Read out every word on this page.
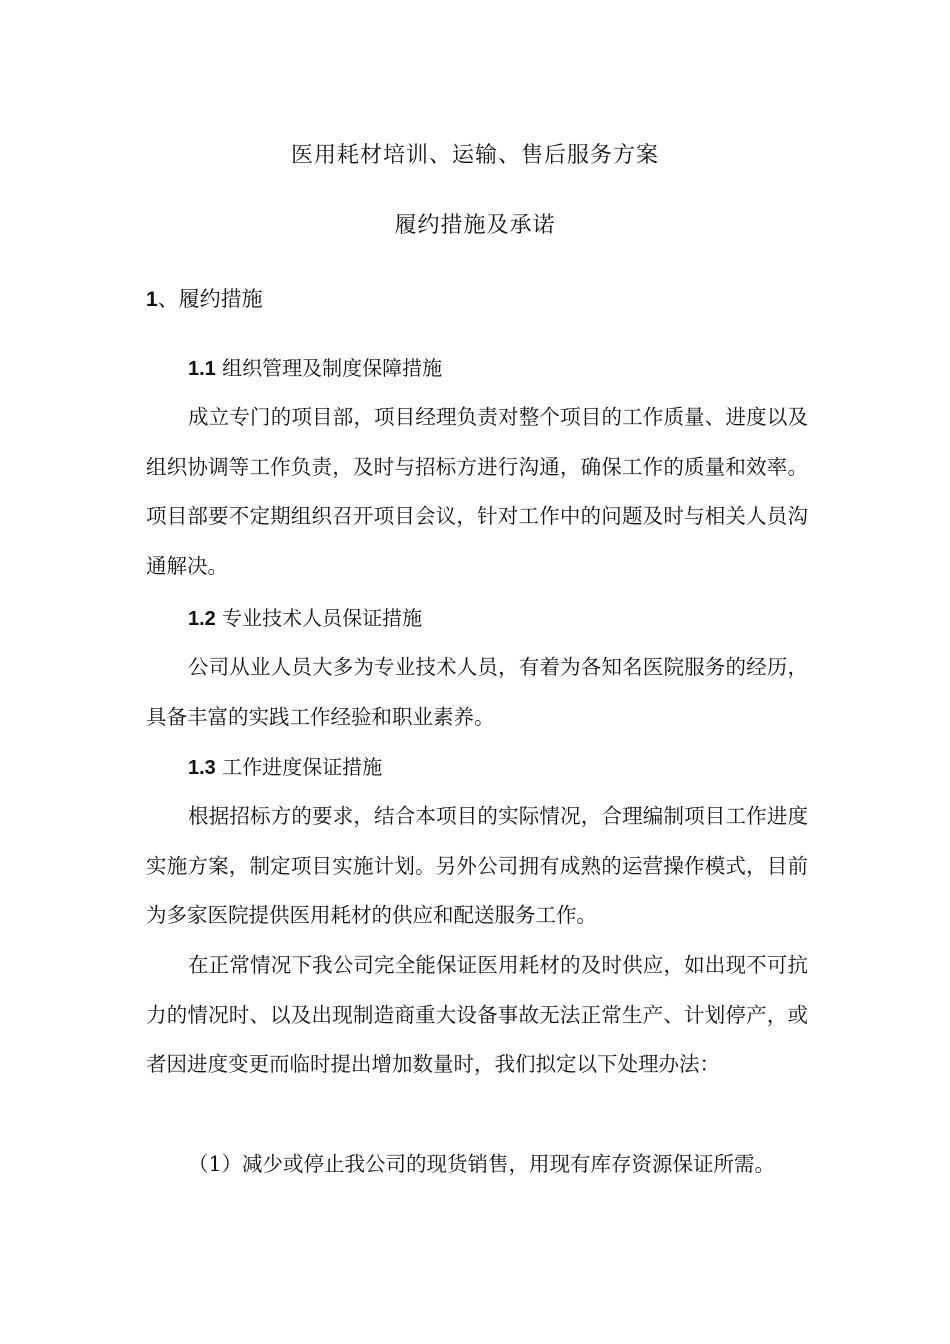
医用耗材培训、运输、售后服务方案
履约措施及承诺
1、履约措施
1.1 组织管理及制度保障措施

成立专门的项目部，项目经理负责对整个项目的工作质量、进度以及组织协调等工作负责，及时与招标方进行沟通，确保工作的质量和效率。项目部要不定期组织召开项目会议，针对工作中的问题及时与相关人员沟通解决。

1.2 专业技术人员保证措施

公司从业人员大多为专业技术人员，有着为各知名医院服务的经历，具备丰富的实践工作经验和职业素养。

1.3 工作进度保证措施

根据招标方的要求，结合本项目的实际情况，合理编制项目工作进度实施方案，制定项目实施计划。另外公司拥有成熟的运营操作模式，目前为多家医院提供医用耗材的供应和配送服务工作。

在正常情况下我公司完全能保证医用耗材的及时供应，如出现不可抗力的情况时、以及出现制造商重大设备事故无法正常生产、计划停产，或者因进度变更而临时提出增加数量时，我们拟定以下处理办法：

（1）减少或停止我公司的现货销售，用现有库存资源保证所需。
